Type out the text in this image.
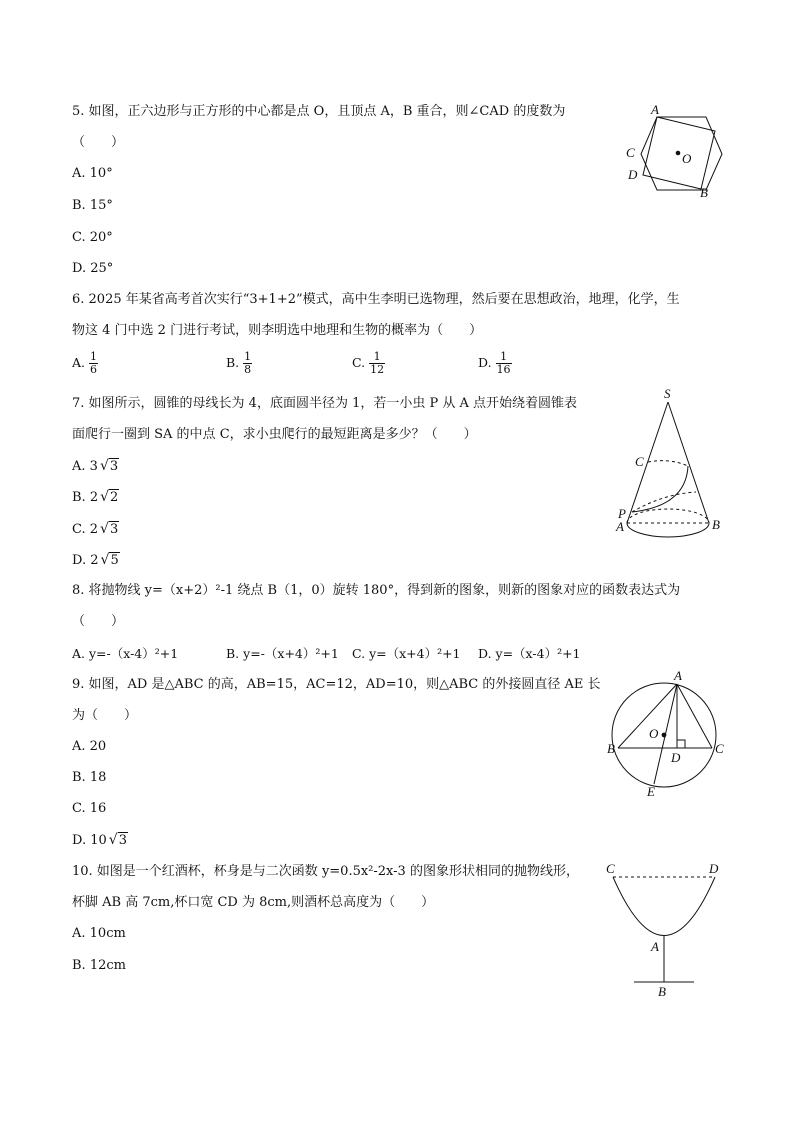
5. 如图，正六边形与正方形的中心都是点 O，且顶点 A，B 重合，则∠CAD 的度数为
（　　）
A. 10°
B. 15°
C. 20°
D. 25°
A
O
C
D
B
6. 2025 年某省高考首次实行“3+1+2”模式，高中生李明已选物理，然后要在思想政治，地理，化学，生
物这 4 门中选 2 门进行考试，则李明选中地理和生物的概率为（　　）
A. $\frac{1}{6}$	B. $\frac{1}{8}$	C. $\frac{1}{12}$	D. $\frac{1}{16}$
7. 如图所示，圆锥的母线长为 4，底面圆半径为 1，若一小虫 P 从 A 点开始绕着圆锥表
面爬行一圈到 SA 的中点 C，求小虫爬行的最短距离是多少？（　　）
A. 3 √3
B. 2 √2
C. 2 √3
D. 2 √5
S
C
P
A	B
8. 将抛物线 y=（x+2）²-1 绕点 B（1，0）旋转 180°，得到新的图象，则新的图象对应的函数表达式为
（　　）
A. y=-（x-4）²+1	B. y=-（x+4）²+1 C. y=（x+4）²+1 D. y=（x-4）²+1
9. 如图，AD 是△ABC 的高，AB=15，AC=12，AD=10，则△ABC 的外接圆直径 AE 长
为（　　）
A. 20
B. 18
C. 16
D. 10 √3
A
O
B
D
C
E
10. 如图是一个红酒杯，杯身是与二次函数 y=0.5x²-2x-3 的图象形状相同的抛物线形，
杯脚 AB 高 7cm,杯口宽 CD 为 8cm,则酒杯总高度为（　　）
A. 10cm
B. 12cm
C	D
A
B
